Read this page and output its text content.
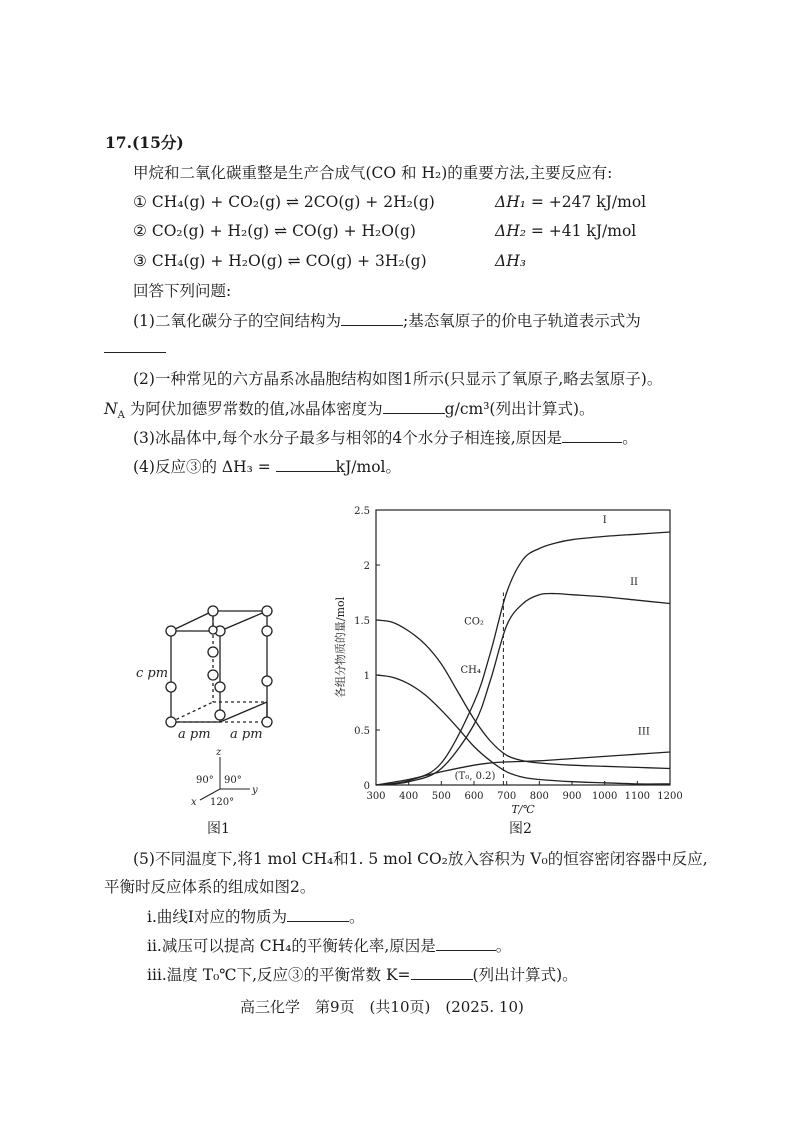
17.(15分)
甲烷和二氧化碳重整是生产合成气(CO 和 H₂)的重要方法,主要反应有:
① CH₄(g) + CO₂(g) ⇌ 2CO(g) + 2H₂(g)	ΔH₁ = +247 kJ/mol
② CO₂(g) + H₂(g) ⇌ CO(g) + H₂O(g)	ΔH₂ = +41 kJ/mol
③ CH₄(g) + H₂O(g) ⇌ CO(g) + 3H₂(g)	ΔH₃
回答下列问题:
(1)二氧化碳分子的空间结构为	;基态氧原子的价电子轨道表示式为
(2)一种常见的六方晶系冰晶胞结构如图1所示(只显示了氧原子,略去氢原子)。
$N_A$ 为阿伏加德罗常数的值,冰晶体密度为	g/cm³(列出计算式)。
(3)冰晶体中,每个水分子最多与相邻的4个水分子相连接,原因是	。
(4)反应③的 ΔH₃ =	kJ/mol。
c pm
a pm a pm
z
y
x
90° 90°
120°
图1
300 400 500 600 700 800 900 1000 1100 1200
0
0.5
1
1.5
2
2.5
T/℃
各组分物质的量/mol
I
II
CO₂
CH₄
III
(T₀, 0.2)
图2
(5)不同温度下,将1 mol CH₄和1. 5 mol CO₂放入容积为 V₀的恒容密闭容器中反应,
平衡时反应体系的组成如图2。
ⅰ.曲线Ⅰ对应的物质为	。
ⅱ.减压可以提高 CH₄的平衡转化率,原因是	。
ⅲ.温度 T₀℃下,反应③的平衡常数 K=	(列出计算式)。
高三化学　第9页　(共10页)　(2025. 10)
